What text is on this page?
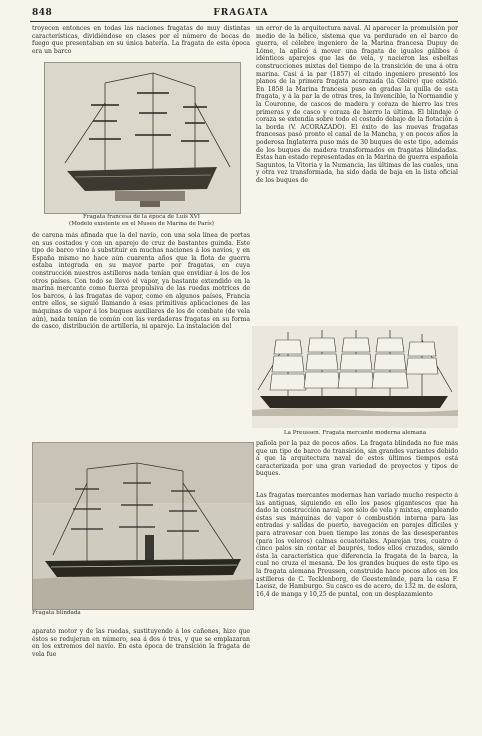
848	FRAGATA

troyecen entonces en todas las naciones fragatas de muy distintas características, dividiéndose en clases por el número de bocas de fuego que presentaban en su única batería. La fragata de esta época era un barco

Fragata francesa de la época de Luis XVI
(Modelo existente en el Museo de Marina de París)

un error de la arquitectura naval. Al aparecer la promulsión por medio de la hélice, sistema que va perdurado en el barco de guerra, el célebre ingeniero de la Marina francesa Dupuy de Lôme, la aplicó á mover una fragata de iguales gálibos é idénticos aparejos que las de vela, y nacieron las esbeltas construcciones mixtas del tiempo de la transición de una á otra marina. Casi á la par (1857) el citado ingeniero presentó los planos de la primera fragata acorazada (la Gloire) que existió. En 1858 la Marina francesa puso en gradas la quilla de esta fragata, y á la par la de otras tres, la Invencible, la Normandie y la Couronne, de cascos de madera y coraza de hierro las tres primeras y de casco y coraza de hierro la última. El blindaje ó coraza se extendía sobre todo el costado debajo de la flotación á la borda (V. ACORAZADO). El éxito de las nuevas fragatas francesas pasó pronto el canal de la Mancha, y en pocos años la poderosa Inglaterra puso más de 30 buques de este tipo, además de los buques de madera transformados en fragatas blindadas. Estas han estado representadas en la Marina de guerra española Saguntos, la Vitoria y la Numancia, las últimas de las cuales, una y otra vez transformada, ha sido dada de baja en la lista oficial de los buques de

de carena más afinada que la del navío, con una sola línea de portas en sus costados y con un aparejo de cruz de bastantes guinda. Este tipo de barco vino á substituir en muchas naciones á los navíos, y en España mismo no hace aún cuarenta años que la flota de guerra estaba integrada en su mayor parte por fragatas, en cuya construcción nuestros astilleros nada tenían que envidiar á los de los otros países. Con todo se llevó el vapor, ya bastante extendido en la marina mercante como fuerza propulsiva de las ruedas motrices de los barcos, á las fragatas de vapor, como en algunos países, Francia entre ellos, se siguió llamando á esas primitivas aplicaciones de las máquinas de vapor á los buques auxiliares de los de combate (de vela aún), nada tenían de común con las verdaderas fragatas en su forma de casco, distribución de artillería, ni aparejo. La instalación del

La Preussen. Fragata mercante moderna alemana

pañola por la paz de pocos años. La fragata blindada no fue más que un tipo de barco de transición, sin grandes variantes debido á que la arquitectura naval de estos últimos tiempos está caracterizada por una gran variedad de proyectos y tipos de buques.

Fragata blindada

Las fragatas mercantes modernas han variado mucho respecto á las antiguas, siguiendo en ello los pasos gigantescos que ha dado la construcción naval; son sólo de vela y mixtas, empleando éstas sus máquinas de vapor ó combustión interna para las entradas y salidas de puerto, navegación en parajes difíciles y para atravesar con buen tiempo las zonas de las desesperantes (para los veleros) calmas ecuatoriales. Aparejan tres, cuatro ó cinco palos sin contar el bauprés, todos ellos cruzados, siendo ésta la característica que diferencia la fragata de la barca, la cual no cruza el mesana. De los grandes buques de este tipo es la fragata alemana Preussen, construida hace pocos años en los astilleros de C. Tecklenborg, de Geestemünde, para la casa F. Laeisz, de Hamburgo. Su casco es de acero, de 132 m. de eslora, 16,4 de manga y 10,25 de puntal, con un desplazamiento

aparato motor y de las ruedas, sustituyendo á los cañones, hizo que éstos se redujeran en número, sea á dos ó tres, y que se emplazaran en los extremos del navío. En esta época de transición la fragata de vela fue
